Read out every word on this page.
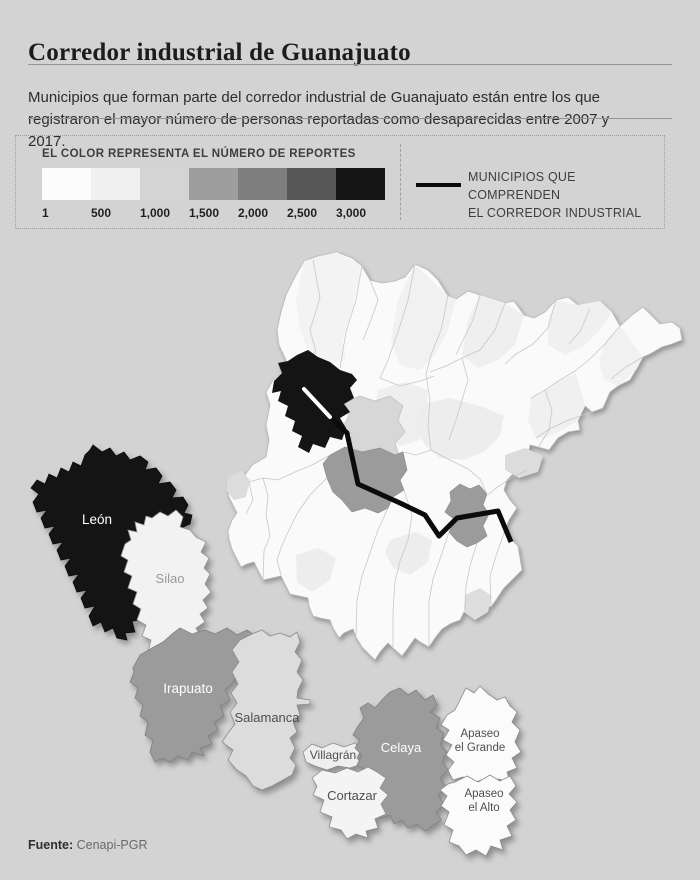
Corredor industrial de Guanajuato

Municipios que forman parte del corredor industrial de Guanajuato están entre los que registraron el mayor número de personas reportadas como desaparecidas entre 2007 y 2017.

EL COLOR REPRESENTA EL NÚMERO DE REPORTES
1	500	1,000	1,500	2,000	2,500	3,000
MUNICIPIOS QUE COMPRENDEN
EL CORREDOR INDUSTRIAL
León
Silao
Irapuato
Salamanca
Villagrán Celaya
Cortazar
Apaseo el Grande
Apaseo el Alto
Fuente: Cenapi-PGR
